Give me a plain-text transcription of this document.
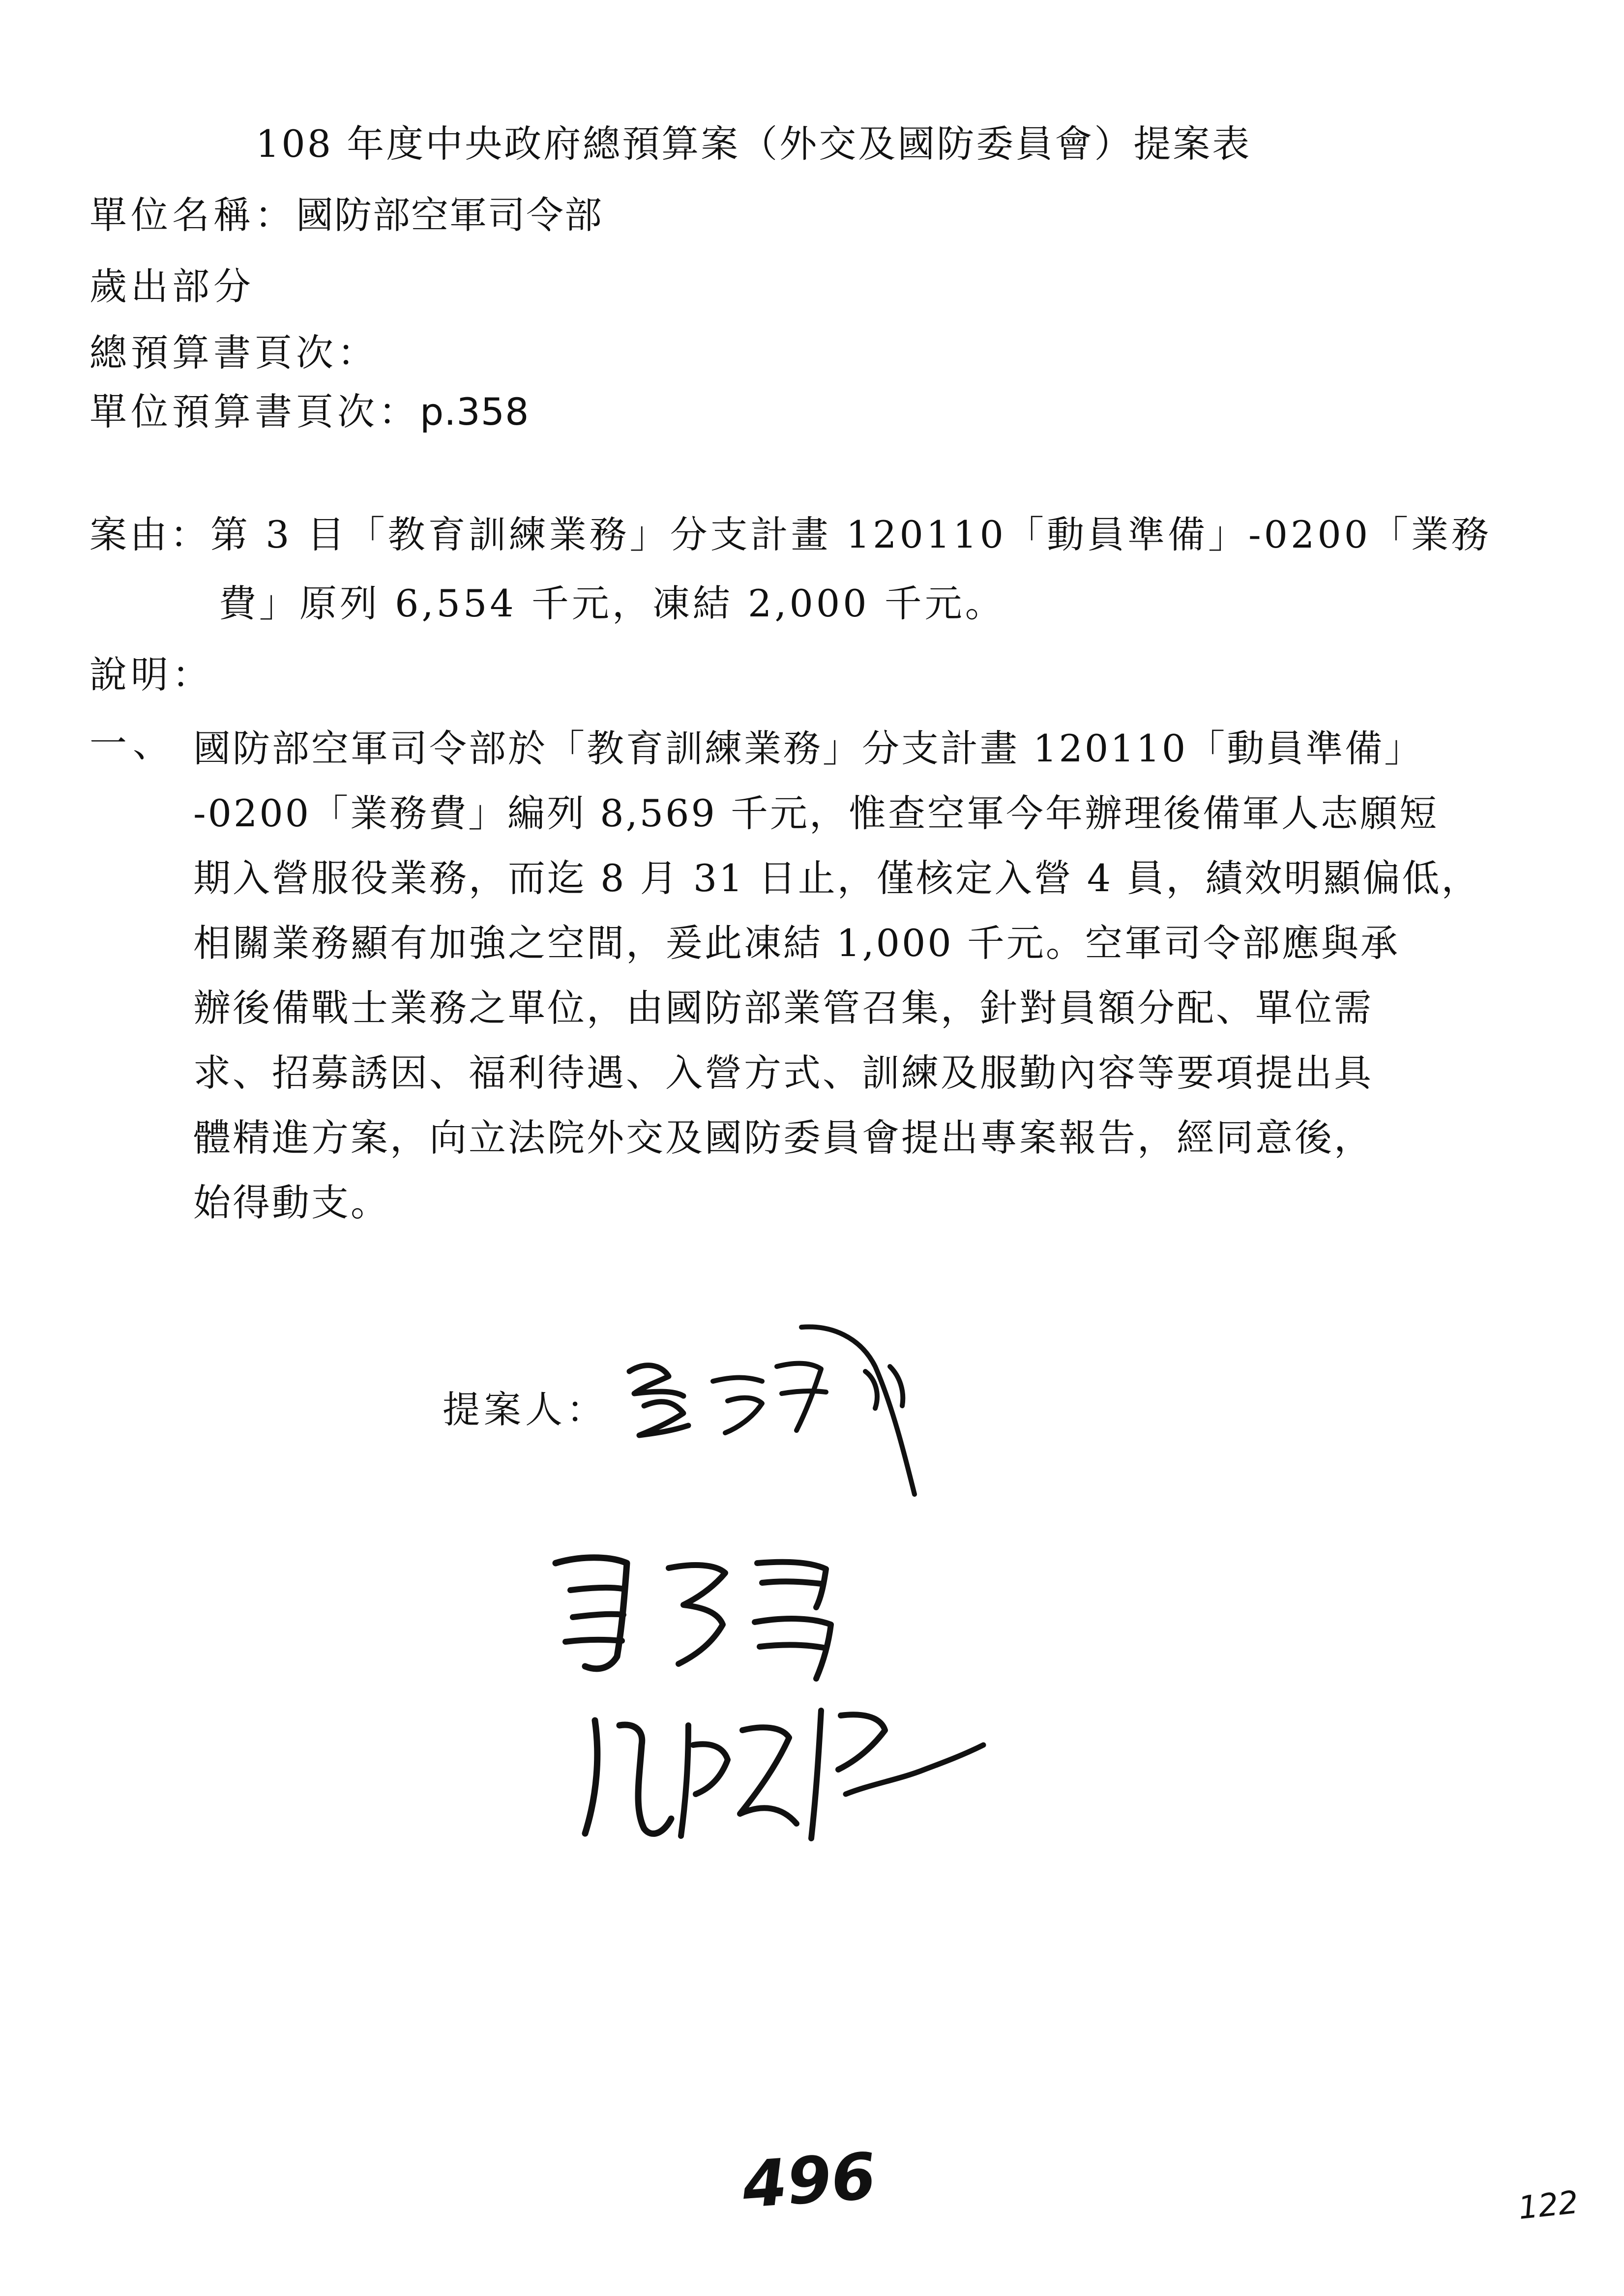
108 年度中央政府總預算案（外交及國防委員會）提案表
單位名稱：國防部空軍司令部
歲出部分
總預算書頁次：
單位預算書頁次：p.358
案由：第 3 目「教育訓練業務」分支計畫 120110「動員準備」-0200「業務
費」原列 6,554 千元，凍結 2,000 千元。
說明：
一、 國防部空軍司令部於「教育訓練業務」分支計畫 120110「動員準備」
-0200「業務費」編列 8,569 千元，惟查空軍今年辦理後備軍人志願短
期入營服役業務，而迄 8 月 31 日止，僅核定入營 4 員，績效明顯偏低，
相關業務顯有加強之空間，爰此凍結 1,000 千元。空軍司令部應與承
辦後備戰士業務之單位，由國防部業管召集，針對員額分配、單位需
求、招募誘因、福利待遇、入營方式、訓練及服勤內容等要項提出具
體精進方案，向立法院外交及國防委員會提出專案報告，經同意後，
始得動支。
提案人：
496	122
